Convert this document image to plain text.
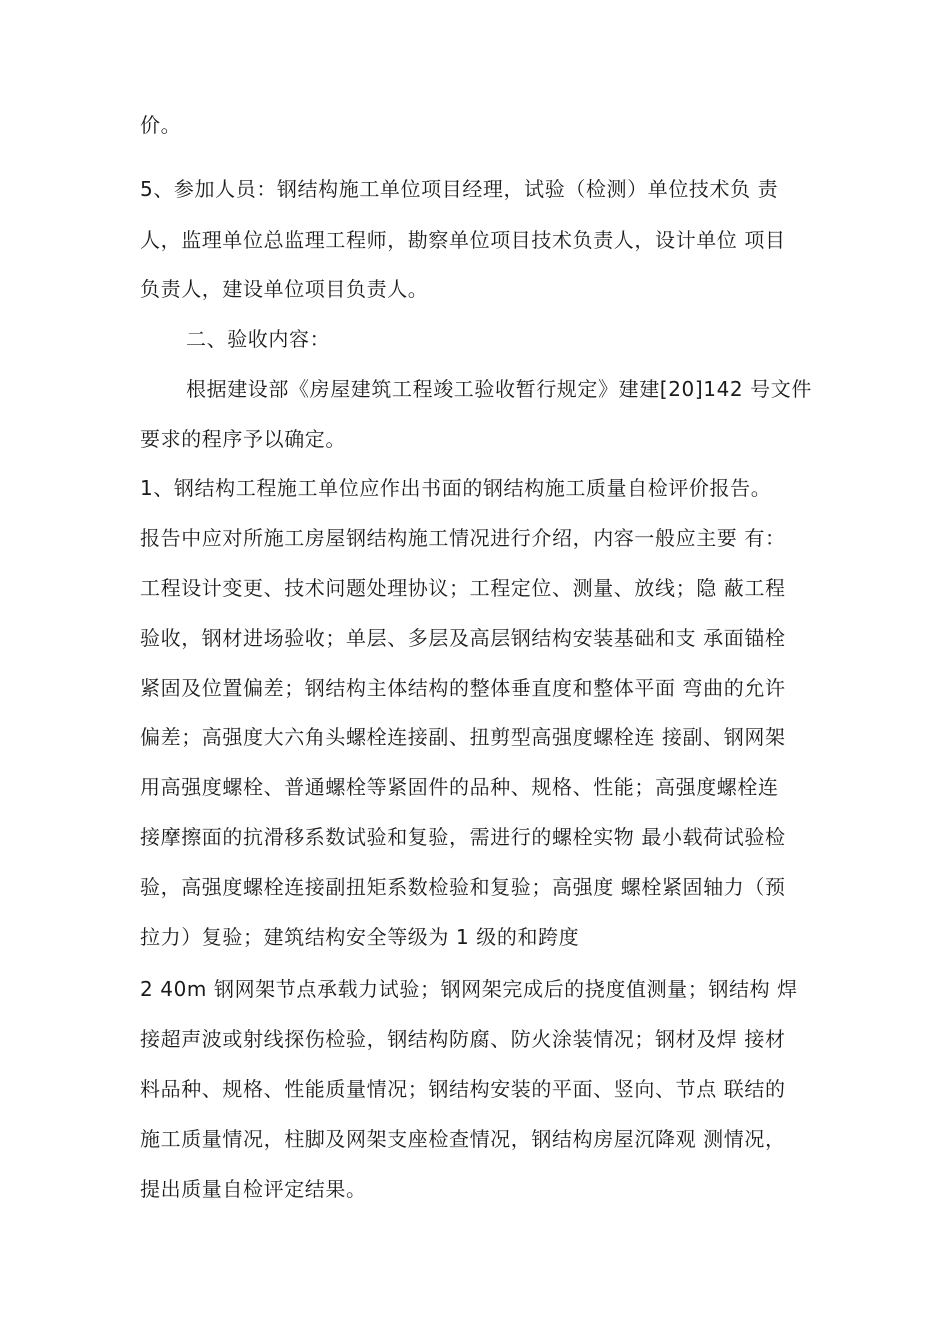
价。
5、参加人员：钢结构施工单位项目经理，试验（检测）单位技术负 责
人，监理单位总监理工程师，勘察单位项目技术负责人，设计单位 项目
负责人，建设单位项目负责人。
二、验收内容：
根据建设部《房屋建筑工程竣工验收暂行规定》建建[20]142 号文件
要求的程序予以确定。
1、钢结构工程施工单位应作出书面的钢结构施工质量自检评价报告。
报告中应对所施工房屋钢结构施工情况进行介绍，内容一般应主要 有：
工程设计变更、技术问题处理协议；工程定位、测量、放线；隐 蔽工程
验收，钢材进场验收；单层、多层及高层钢结构安装基础和支 承面锚栓
紧固及位置偏差；钢结构主体结构的整体垂直度和整体平面 弯曲的允许
偏差；高强度大六角头螺栓连接副、扭剪型高强度螺栓连 接副、钢网架
用高强度螺栓、普通螺栓等紧固件的品种、规格、性能；高强度螺栓连
接摩擦面的抗滑移系数试验和复验，需进行的螺栓实物 最小载荷试验检
验，高强度螺栓连接副扭矩系数检验和复验；高强度 螺栓紧固轴力（预
拉力）复验；建筑结构安全等级为 1 级的和跨度
2 40m 钢网架节点承载力试验；钢网架完成后的挠度值测量；钢结构 焊
接超声波或射线探伤检验，钢结构防腐、防火涂装情况；钢材及焊 接材
料品种、规格、性能质量情况；钢结构安装的平面、竖向、节点 联结的
施工质量情况，柱脚及网架支座检查情况，钢结构房屋沉降观 测情况，
提出质量自检评定结果。
